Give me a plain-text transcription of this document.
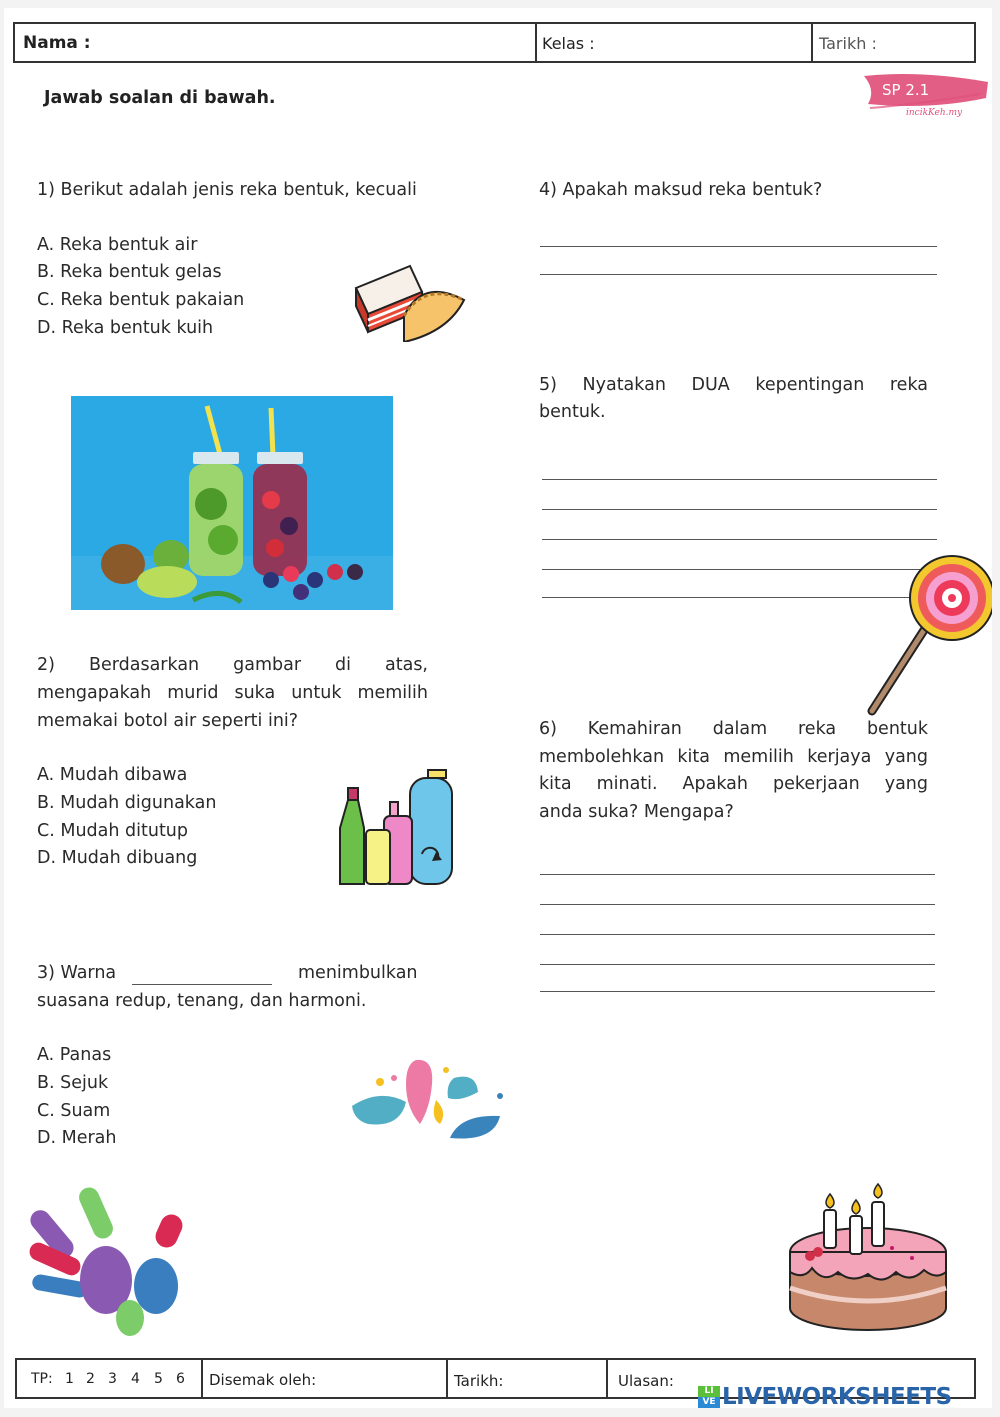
Nama :	Kelas :	Tarikh :
Jawab soalan di bawah.	SP 2.1
incikKeh.my
1) Berikut adalah jenis reka bentuk, kecuali
A. Reka bentuk air
B. Reka bentuk gelas
C. Reka bentuk pakaian
D. Reka bentuk kuih
2) Berdasarkan gambar di atas,
mengapakah murid suka untuk memilih
memakai botol air seperti ini?
A. Mudah dibawa
B. Mudah digunakan
C. Mudah ditutup
D. Mudah dibuang
3) Warna	menimbulkan
suasana redup, tenang, dan harmoni.
A. Panas
B. Sejuk
C. Suam
D. Merah
4) Apakah maksud reka bentuk?
5) Nyatakan DUA kepentingan reka
bentuk.
6) Kemahiran dalam reka bentuk
membolehkan kita memilih kerjaya yang
kita minati. Apakah pekerjaan yang
anda suka? Mengapa?
TP: 1 2 3 4 5 6 Disemak oleh:	Tarikh:	Ulasan:
LI
VE LIVEWORKSHEETS
